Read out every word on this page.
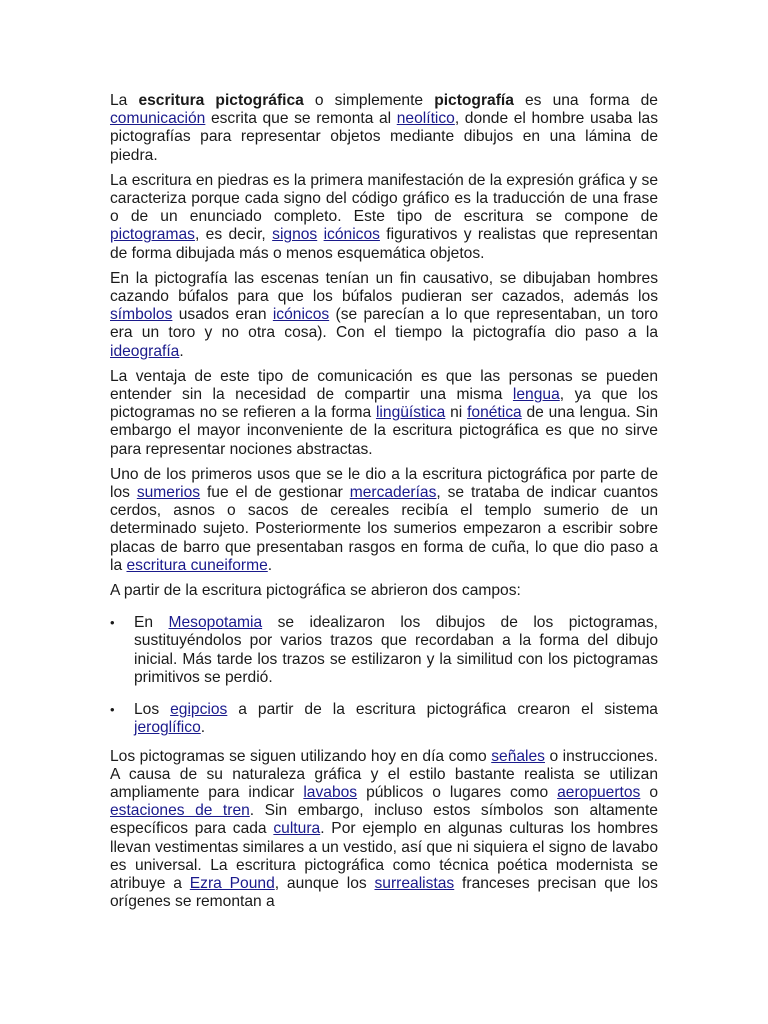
La escritura pictográfica o simplemente pictografía es una forma de comunicación escrita que se remonta al neolítico, donde el hombre usaba las pictografías para representar objetos mediante dibujos en una lámina de piedra.

La escritura en piedras es la primera manifestación de la expresión gráfica y se caracteriza porque cada signo del código gráfico es la traducción de una frase o de un enunciado completo. Este tipo de escritura se compone de pictogramas, es decir, signos icónicos figurativos y realistas que representan de forma dibujada más o menos esquemática objetos.

En la pictografía las escenas tenían un fin causativo, se dibujaban hombres cazando búfalos para que los búfalos pudieran ser cazados, además los símbolos usados eran icónicos (se parecían a lo que representaban, un toro era un toro y no otra cosa). Con el tiempo la pictografía dio paso a la ideografía.

La ventaja de este tipo de comunicación es que las personas se pueden entender sin la necesidad de compartir una misma lengua, ya que los pictogramas no se refieren a la forma lingüística ni fonética de una lengua. Sin embargo el mayor inconveniente de la escritura pictográfica es que no sirve para representar nociones abstractas.

Uno de los primeros usos que se le dio a la escritura pictográfica por parte de los sumerios fue el de gestionar mercaderías, se trataba de indicar cuantos cerdos, asnos o sacos de cereales recibía el templo sumerio de un determinado sujeto. Posteriormente los sumerios empezaron a escribir sobre placas de barro que presentaban rasgos en forma de cuña, lo que dio paso a la escritura cuneiforme.

A partir de la escritura pictográfica se abrieron dos campos:

• En Mesopotamia se idealizaron los dibujos de los pictogramas, sustituyéndolos por varios trazos que recordaban a la forma del dibujo inicial. Más tarde los trazos se estilizaron y la similitud con los pictogramas primitivos se perdió.
• Los egipcios a partir de la escritura pictográfica crearon el sistema jeroglífico.

Los pictogramas se siguen utilizando hoy en día como señales o instrucciones. A causa de su naturaleza gráfica y el estilo bastante realista se utilizan ampliamente para indicar lavabos públicos o lugares como aeropuertos o estaciones de tren. Sin embargo, incluso estos símbolos son altamente específicos para cada cultura. Por ejemplo en algunas culturas los hombres llevan vestimentas similares a un vestido, así que ni siquiera el signo de lavabo es universal. La escritura pictográfica como técnica poética modernista se atribuye a Ezra Pound, aunque los surrealistas franceses precisan que los orígenes se remontan a
